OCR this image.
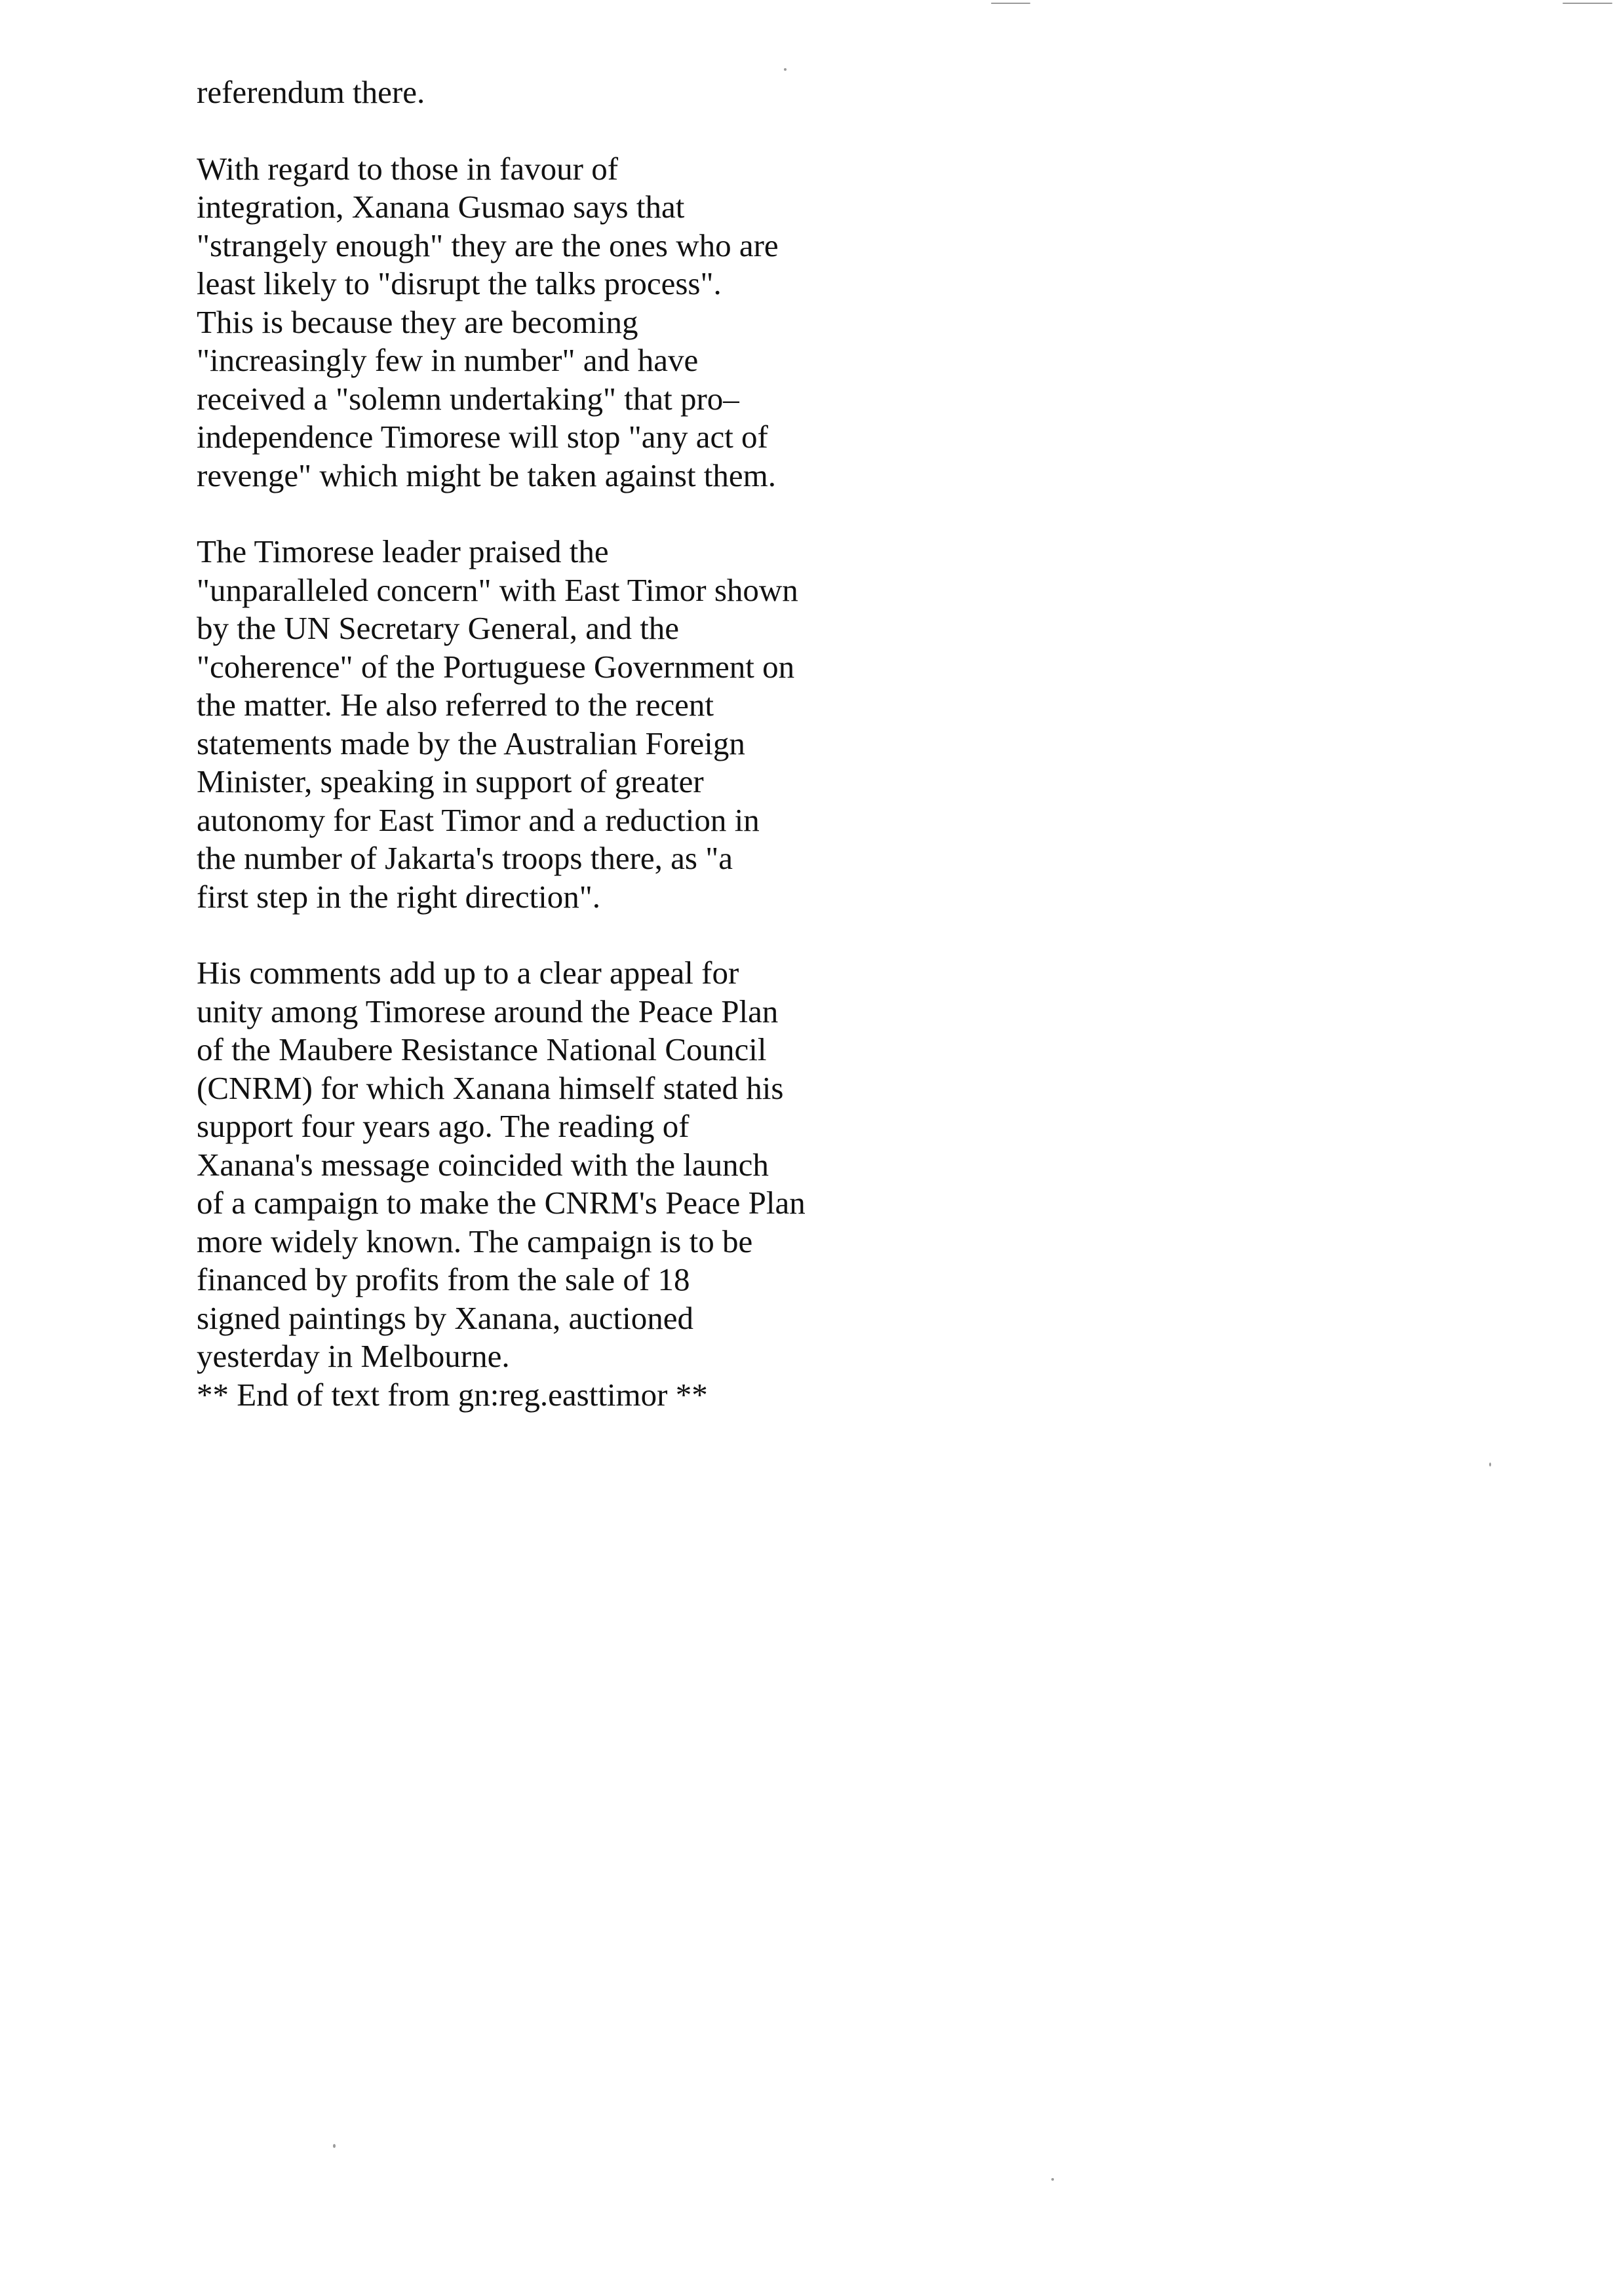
referendum there.

With regard to those in favour of
integration, Xanana Gusmao says that
"strangely enough" they are the ones who are
least likely to "disrupt the talks process".
This is because they are becoming
"increasingly few in number" and have
received a "solemn undertaking" that pro–
independence Timorese will stop "any act of
revenge" which might be taken against them.

The Timorese leader praised the
"unparalleled concern" with East Timor shown
by the UN Secretary General, and the
"coherence" of the Portuguese Government on
the matter. He also referred to the recent
statements made by the Australian Foreign
Minister, speaking in support of greater
autonomy for East Timor and a reduction in
the number of Jakarta's troops there, as "a
first step in the right direction".

His comments add up to a clear appeal for
unity among Timorese around the Peace Plan
of the Maubere Resistance National Council
(CNRM) for which Xanana himself stated his
support four years ago. The reading of
Xanana's message coincided with the launch
of a campaign to make the CNRM's Peace Plan
more widely known. The campaign is to be
financed by profits from the sale of 18
signed paintings by Xanana, auctioned
yesterday in Melbourne.
** End of text from gn:reg.easttimor **
